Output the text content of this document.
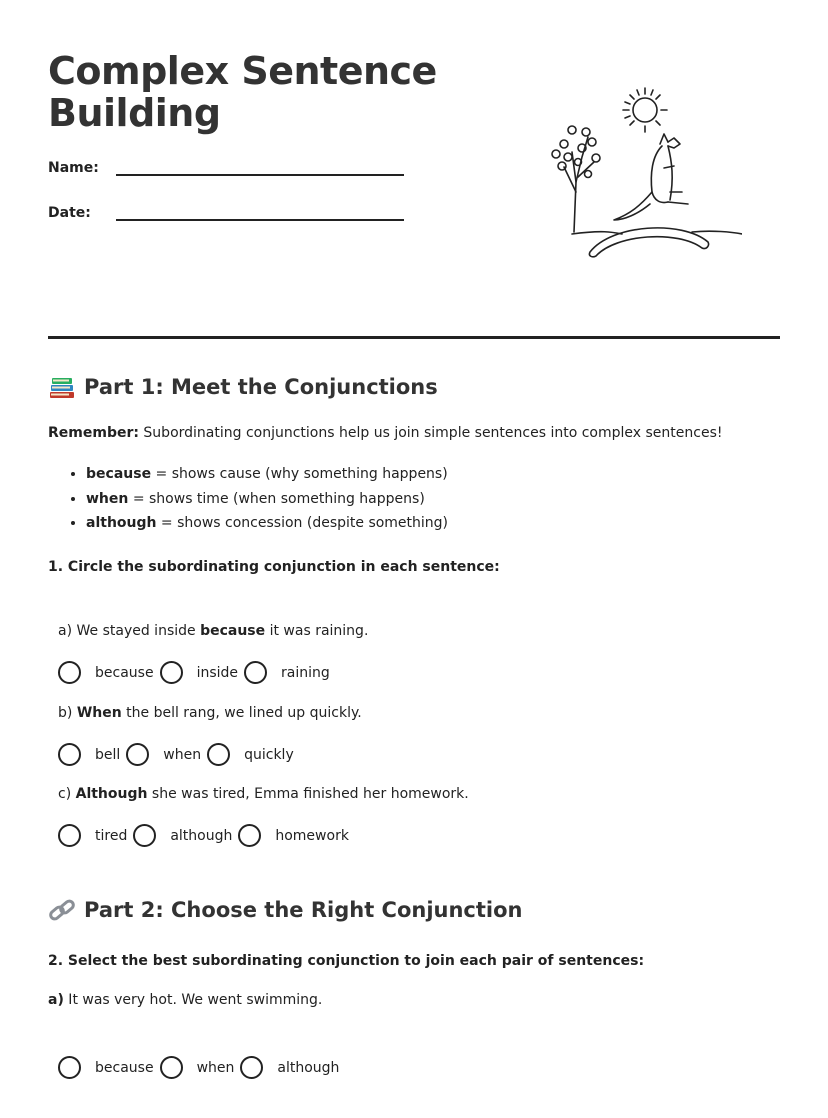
Complex Sentence Building
Name:
Date:
Part 1: Meet the Conjunctions
Remember: Subordinating conjunctions help us join simple sentences into complex sentences!
• because = shows cause (why something happens)
• when = shows time (when something happens)
• although = shows concession (despite something)
1. Circle the subordinating conjunction in each sentence:
a) We stayed inside because it was raining.
because	inside	raining
b) When the bell rang, we lined up quickly.
bell	when	quickly
c) Although she was tired, Emma finished her homework.
tired	although	homework
Part 2: Choose the Right Conjunction
2. Select the best subordinating conjunction to join each pair of sentences:
a) It was very hot. We went swimming.
because	when	although
